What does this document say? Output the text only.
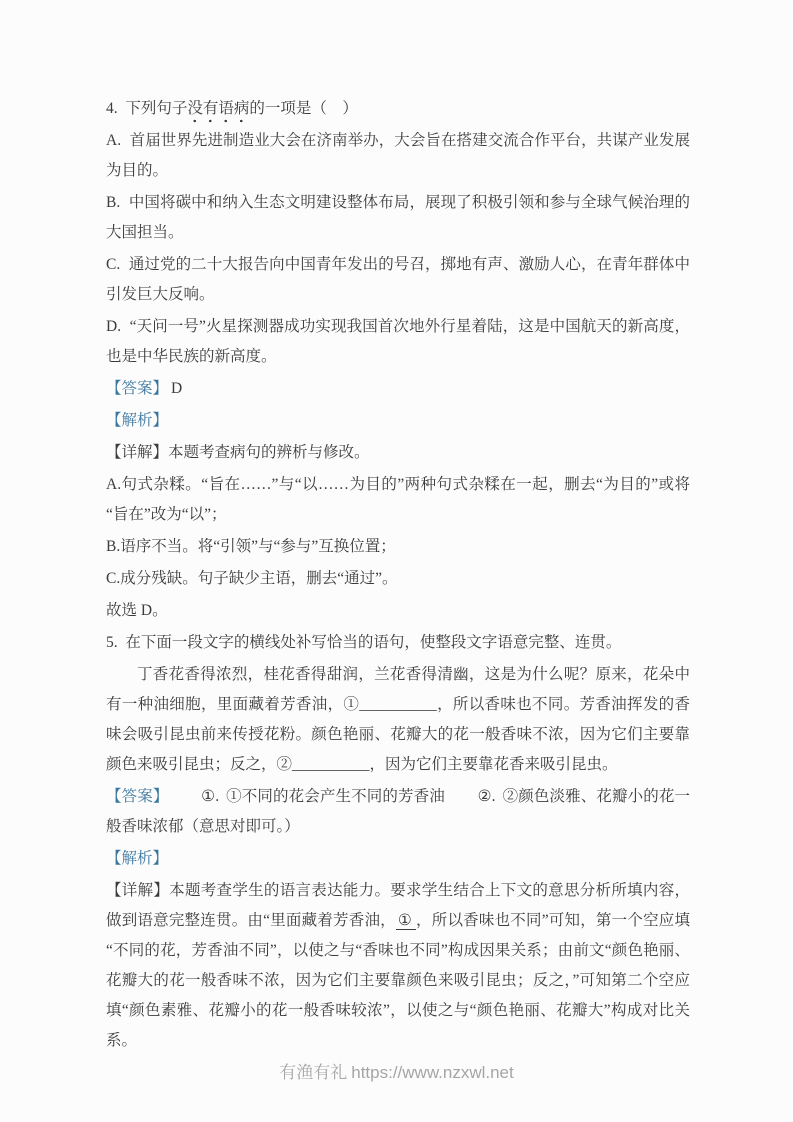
4. 下列句子没有语病的一项是（　）

A. 首届世界先进制造业大会在济南举办，大会旨在搭建交流合作平台，共谋产业发展为目的。

B. 中国将碳中和纳入生态文明建设整体布局，展现了积极引领和参与全球气候治理的大国担当。

C. 通过党的二十大报告向中国青年发出的号召，掷地有声、激励人心，在青年群体中引发巨大反响。

D. “天问一号”火星探测器成功实现我国首次地外行星着陆，这是中国航天的新高度，也是中华民族的新高度。

【答案】 D

【解析】

【详解】本题考查病句的辨析与修改。

A.句式杂糅。“旨在……”与“以……为目的”两种句式杂糅在一起，删去“为目的”或将“旨在”改为“以”；

B.语序不当。将“引领”与“参与”互换位置；

C.成分残缺。句子缺少主语，删去“通过”。

故选 D。

5. 在下面一段文字的横线处补写恰当的语句，使整段文字语意完整、连贯。

丁香花香得浓烈，桂花香得甜润，兰花香得清幽，这是为什么呢？原来，花朵中有一种油细胞，里面藏着芳香油，①__________，所以香味也不同。芳香油挥发的香味会吸引昆虫前来传授花粉。颜色艳丽、花瓣大的花一般香味不浓，因为它们主要靠颜色来吸引昆虫；反之，②__________，因为它们主要靠花香来吸引昆虫。

【答案】 ①. ①不同的花会产生不同的芳香油 ②. ②颜色淡雅、花瓣小的花一般香味浓郁（意思对即可。）

【解析】

【详解】本题考查学生的语言表达能力。要求学生结合上下文的意思分析所填内容，做到语意完整连贯。由“里面藏着芳香油， ① ，所以香味也不同”可知，第一个空应填“不同的花，芳香油不同”，以使之与“香味也不同”构成因果关系；由前文“颜色艳丽、花瓣大的花一般香味不浓，因为它们主要靠颜色来吸引昆虫；反之，”可知第二个空应填“颜色素雅、花瓣小的花一般香味较浓”，以使之与“颜色艳丽、花瓣大”构成对比关系。

有渔有礼 https://www.nzxwl.net
